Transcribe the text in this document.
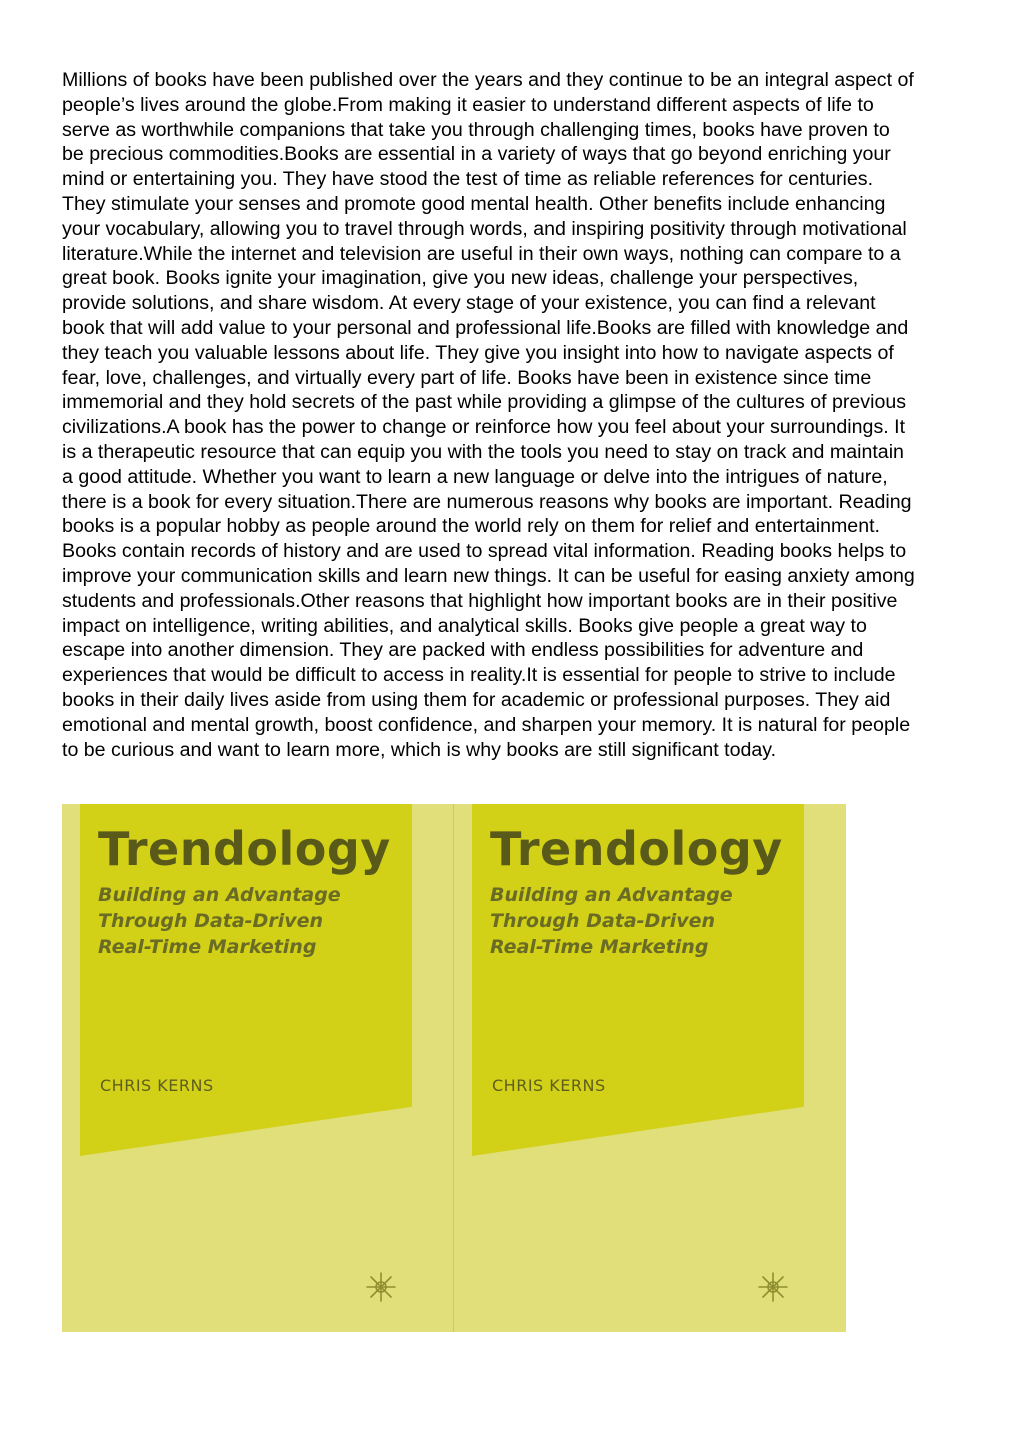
Millions of books have been published over the years and they continue to be an integral aspect of
people’s lives around the globe.From making it easier to understand different aspects of life to
serve as worthwhile companions that take you through challenging times, books have proven to
be precious commodities.Books are essential in a variety of ways that go beyond enriching your
mind or entertaining you. They have stood the test of time as reliable references for centuries.
They stimulate your senses and promote good mental health. Other benefits include enhancing
your vocabulary, allowing you to travel through words, and inspiring positivity through motivational
literature.While the internet and television are useful in their own ways, nothing can compare to a
great book. Books ignite your imagination, give you new ideas, challenge your perspectives,
provide solutions, and share wisdom. At every stage of your existence, you can find a relevant
book that will add value to your personal and professional life.Books are filled with knowledge and
they teach you valuable lessons about life. They give you insight into how to navigate aspects of
fear, love, challenges, and virtually every part of life. Books have been in existence since time
immemorial and they hold secrets of the past while providing a glimpse of the cultures of previous
civilizations.A book has the power to change or reinforce how you feel about your surroundings. It
is a therapeutic resource that can equip you with the tools you need to stay on track and maintain
a good attitude. Whether you want to learn a new language or delve into the intrigues of nature,
there is a book for every situation.There are numerous reasons why books are important. Reading
books is a popular hobby as people around the world rely on them for relief and entertainment.
Books contain records of history and are used to spread vital information. Reading books helps to
improve your communication skills and learn new things. It can be useful for easing anxiety among
students and professionals.Other reasons that highlight how important books are in their positive
impact on intelligence, writing abilities, and analytical skills. Books give people a great way to
escape into another dimension. They are packed with endless possibilities for adventure and
experiences that would be difficult to access in reality.It is essential for people to strive to include
books in their daily lives aside from using them for academic or professional purposes. They aid
emotional and mental growth, boost confidence, and sharpen your memory. It is natural for people
to be curious and want to learn more, which is why books are still significant today.

Trendology

Building an Advantage
Through Data-Driven
Real-Time Marketing

CHRIS KERNS

Trendology

Building an Advantage
Through Data-Driven
Real-Time Marketing

CHRIS KERNS
